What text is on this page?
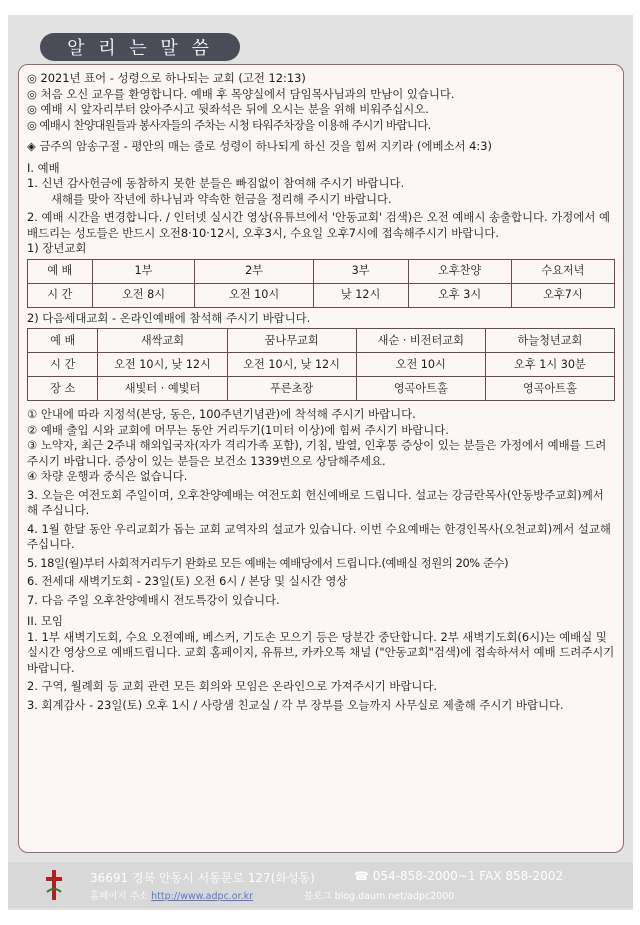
알 리 는 말 씀
◎ 2021년 표어 - 성령으로 하나되는 교회 (고전 12:13)
◎ 처음 오신 교우를 환영합니다. 예배 후 목양실에서 담임목사님과의 만남이 있습니다.
◎ 예배 시 앞자리부터 앉아주시고 뒷좌석은 뒤에 오시는 분을 위해 비워주십시오.
◎ 예배시 찬양대원들과 봉사자들의 주차는 시청 타워주차장을 이용해 주시기 바랍니다.
◈ 금주의 암송구절 - 평안의 매는 줄로 성령이 하나되게 하신 것을 힘써 지키라 (에베소서 4:3)
I. 예배
1. 신년 감사헌금에 동참하지 못한 분들은 빠짐없이 참여해 주시기 바랍니다.
새해를 맞아 작년에 하나님과 약속한 헌금을 정리해 주시기 바랍니다.
2. 예배 시간을 변경합니다. / 인터넷 실시간 영상(유튜브에서 '안동교회' 검색)은 오전 예배시 송출합니다. 가정에서 예배드리는 성도들은 반드시 오전8·10·12시, 오후3시, 수요일 오후7시에 접속해주시기 바랍니다.
1) 장년교회
예 배	1부	2부	3부	오후찬양	수요저녁
시 간	오전 8시	오전 10시	낮 12시	오후 3시	오후7시
2) 다음세대교회 - 온라인예배에 참석해 주시기 바랍니다.
예 배	새싹교회	꿈나무교회	새순 · 비전터교회	하늘청년교회
시 간	오전 10시, 낮 12시	오전 10시, 낮 12시	오전 10시	오후 1시 30분
장 소	새빛터 · 예빛터	푸른초장	영곡아트홀	영곡아트홀
① 안내에 따라 지정석(본당, 동은, 100주년기념관)에 착석해 주시기 바랍니다.
② 예배 출입 시와 교회에 머무는 동안 거리두기(1미터 이상)에 힘써 주시기 바랍니다.
③ 노약자, 최근 2주내 해외입국자(자가 격리가족 포함), 기침, 발열, 인후통 증상이 있는 분들은 가정에서 예배를 드려주시기 바랍니다. 증상이 있는 분들은 보건소 1339번으로 상담해주세요.
④ 차량 운행과 중식은 없습니다.
3. 오늘은 여전도회 주일이며, 오후찬양예배는 여전도회 헌신예배로 드립니다. 설교는 강금란목사(안동방주교회)께서 해 주십니다.
4. 1월 한달 동안 우리교회가 돕는 교회 교역자의 설교가 있습니다. 이번 수요예배는 한경인목사(오천교회)께서 설교해 주십니다.
5. 18일(월)부터 사회적거리두기 완화로 모든 예배는 예배당에서 드립니다.(예배실 정원의 20% 준수)
6. 전세대 새벽기도회 - 23일(토) 오전 6시 / 본당 및 실시간 영상
7. 다음 주일 오후찬양예배시 전도특강이 있습니다.
II. 모임
1. 1부 새벽기도회, 수요 오전예배, 베스커, 기도손 모으기 등은 당분간 중단합니다. 2부 새벽기도회(6시)는 예배실 및 실시간 영상으로 예배드립니다. 교회 홈페이지, 유튜브, 카카오톡 채널 ("안동교회"검색)에 접속하셔서 예배 드려주시기 바랍니다.
2. 구역, 월례회 등 교회 관련 모든 회의와 모임은 온라인으로 가져주시기 바랍니다.
3. 회계감사 - 23일(토) 오후 1시 / 사랑샘 친교실 / 각 부 장부를 오늘까지 사무실로 제출해 주시기 바랍니다.
36691 경북 안동시 서동문로 127(화성동)	☎ 054-858-2000~1 FAX 858-2002
홈페이지 주소 http://www.adpc.or.kr	블로그 blog.daum.net/adpc2000
